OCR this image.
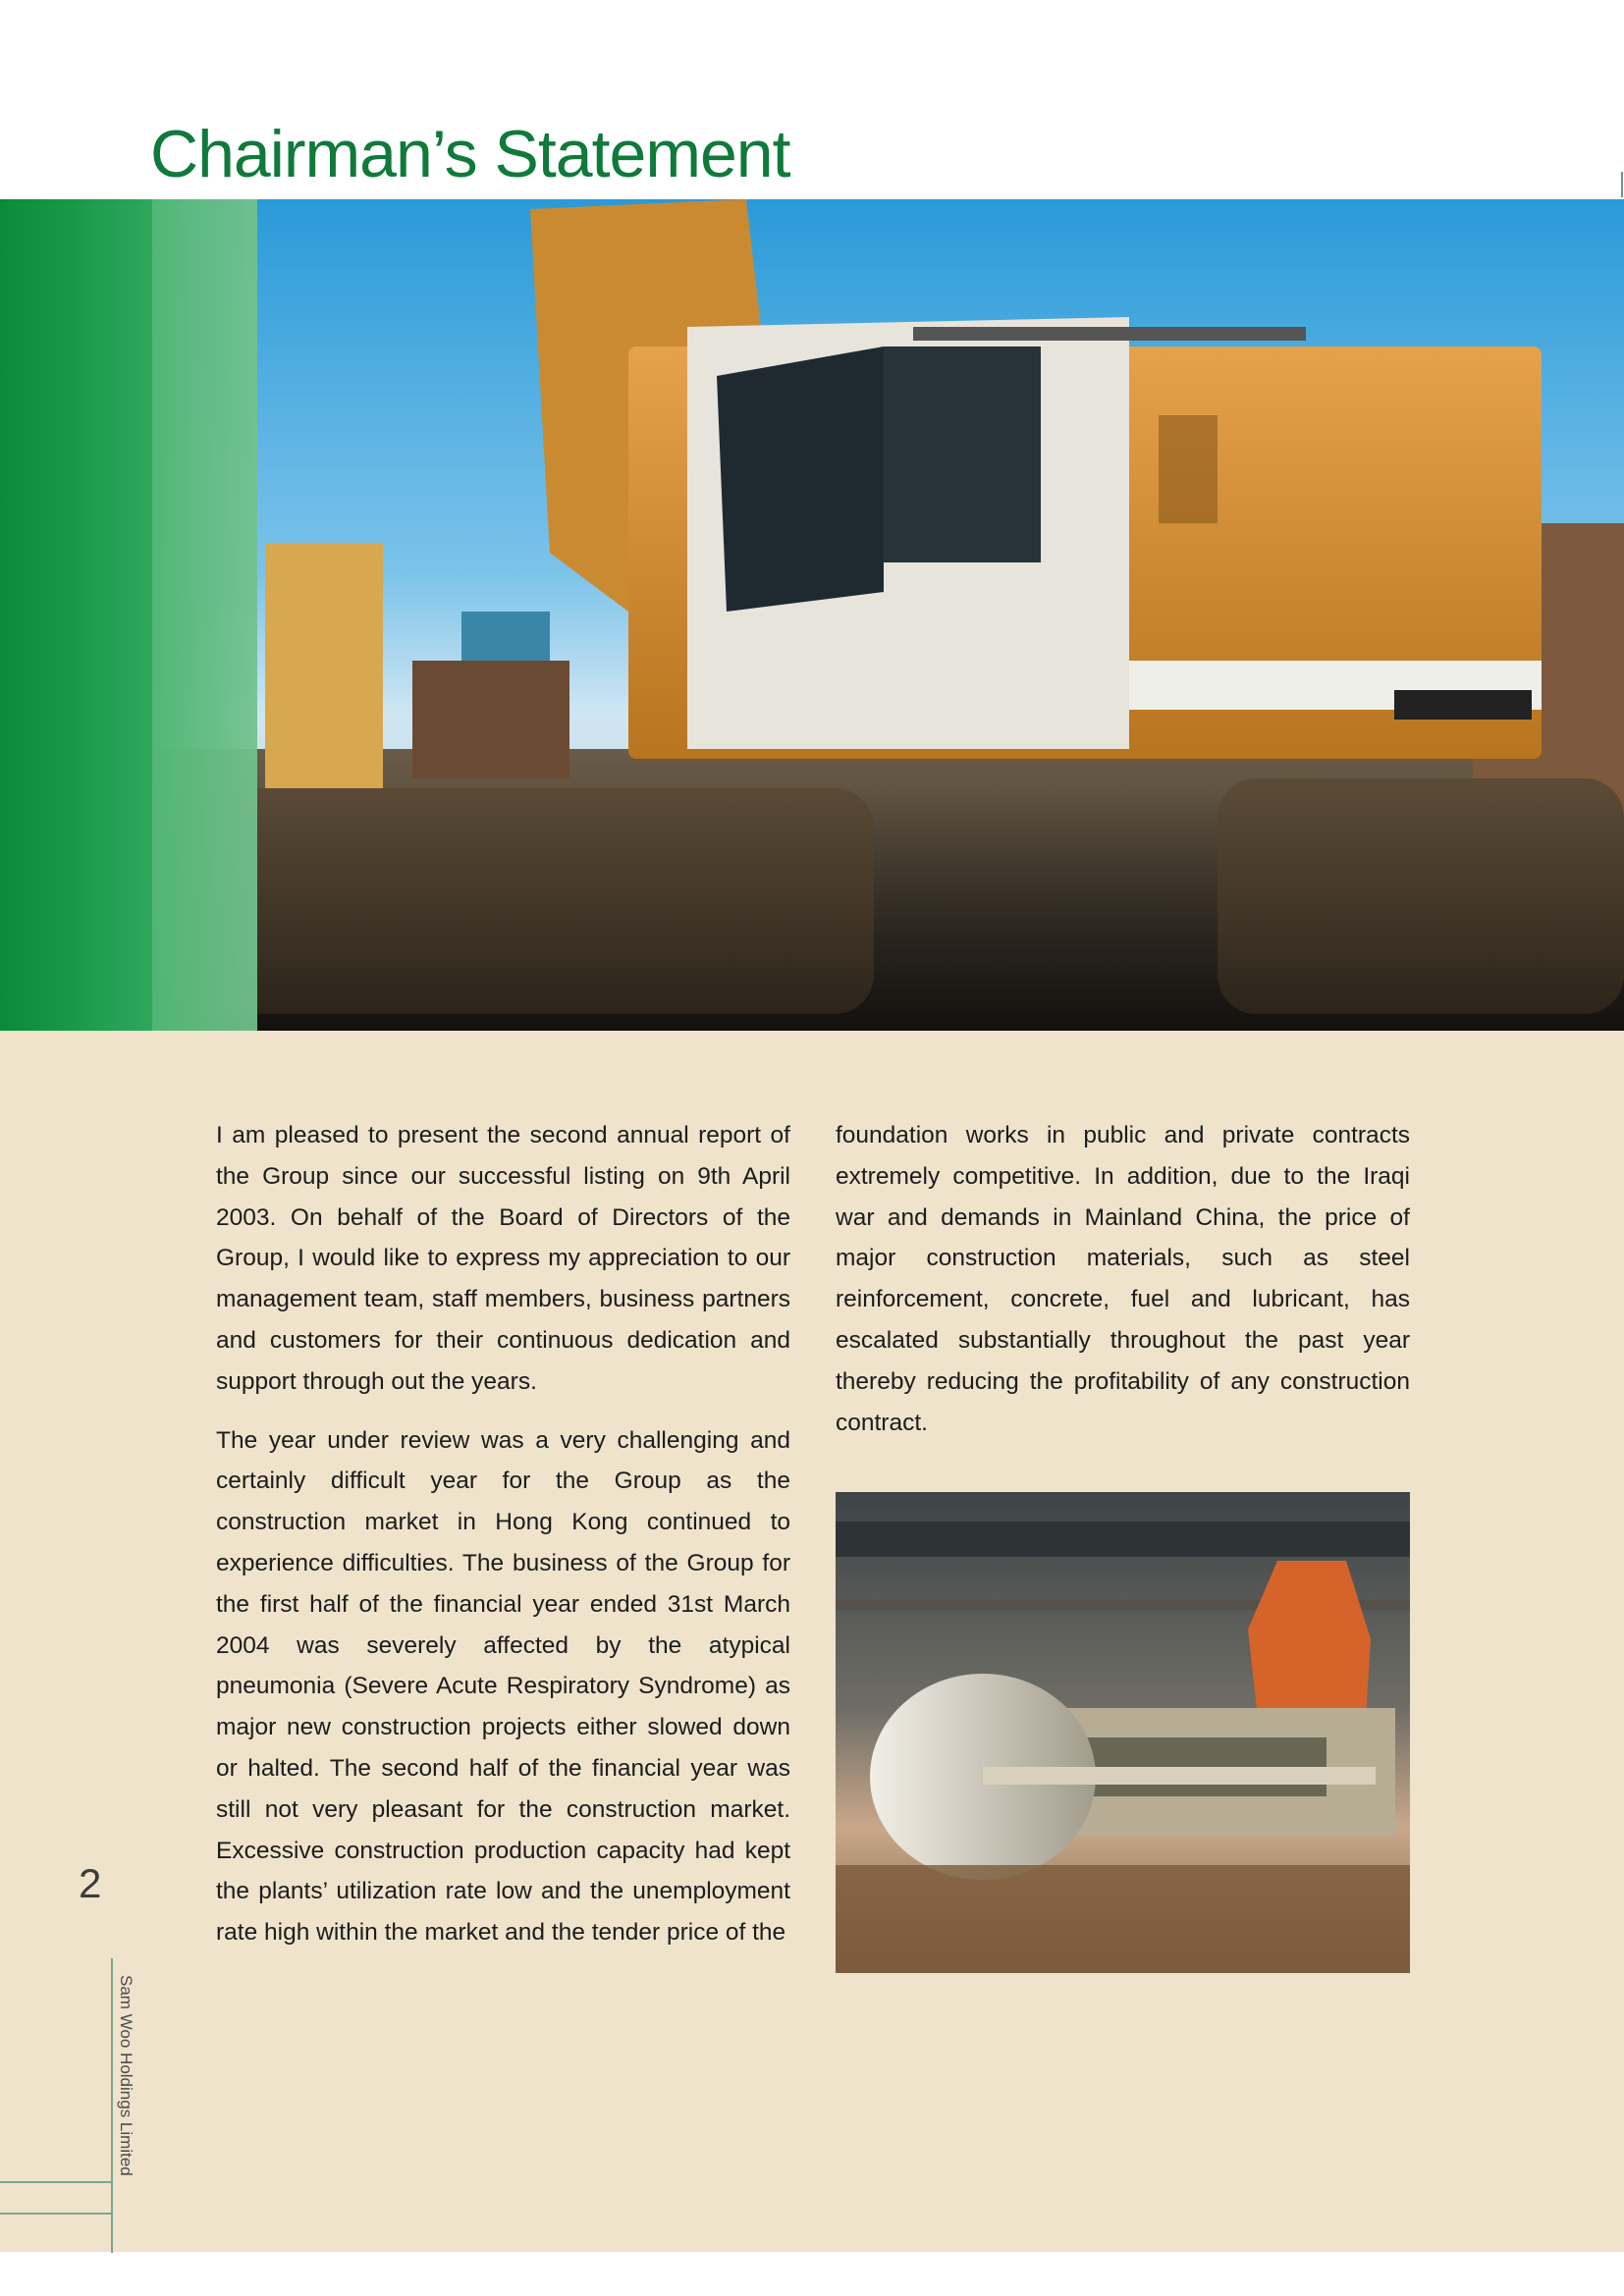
Chairman’s Statement

I am pleased to present the second annual report of the Group since our successful listing on 9th April 2003. On behalf of the Board of Directors of the Group, I would like to express my appreciation to our management team, staff members, business partners and customers for their continuous dedication and support through out the years.

The year under review was a very challenging and certainly difficult year for the Group as the construction market in Hong Kong continued to experience difficulties. The business of the Group for the first half of the financial year ended 31st March 2004 was severely affected by the atypical pneumonia (Severe Acute Respiratory Syndrome) as major new construction projects either slowed down or halted. The second half of the financial year was still not very pleasant for the construction market. Excessive construction production capacity had kept the plants’ utilization rate low and the unemployment rate high within the market and the tender price of the

foundation works in public and private contracts extremely competitive. In addition, due to the Iraqi war and demands in Mainland China, the price of major construction materials, such as steel reinforcement, concrete, fuel and lubricant, has escalated substantially throughout the past year thereby reducing the profitability of any construction contract.

2
Sam Woo Holdings Limited
